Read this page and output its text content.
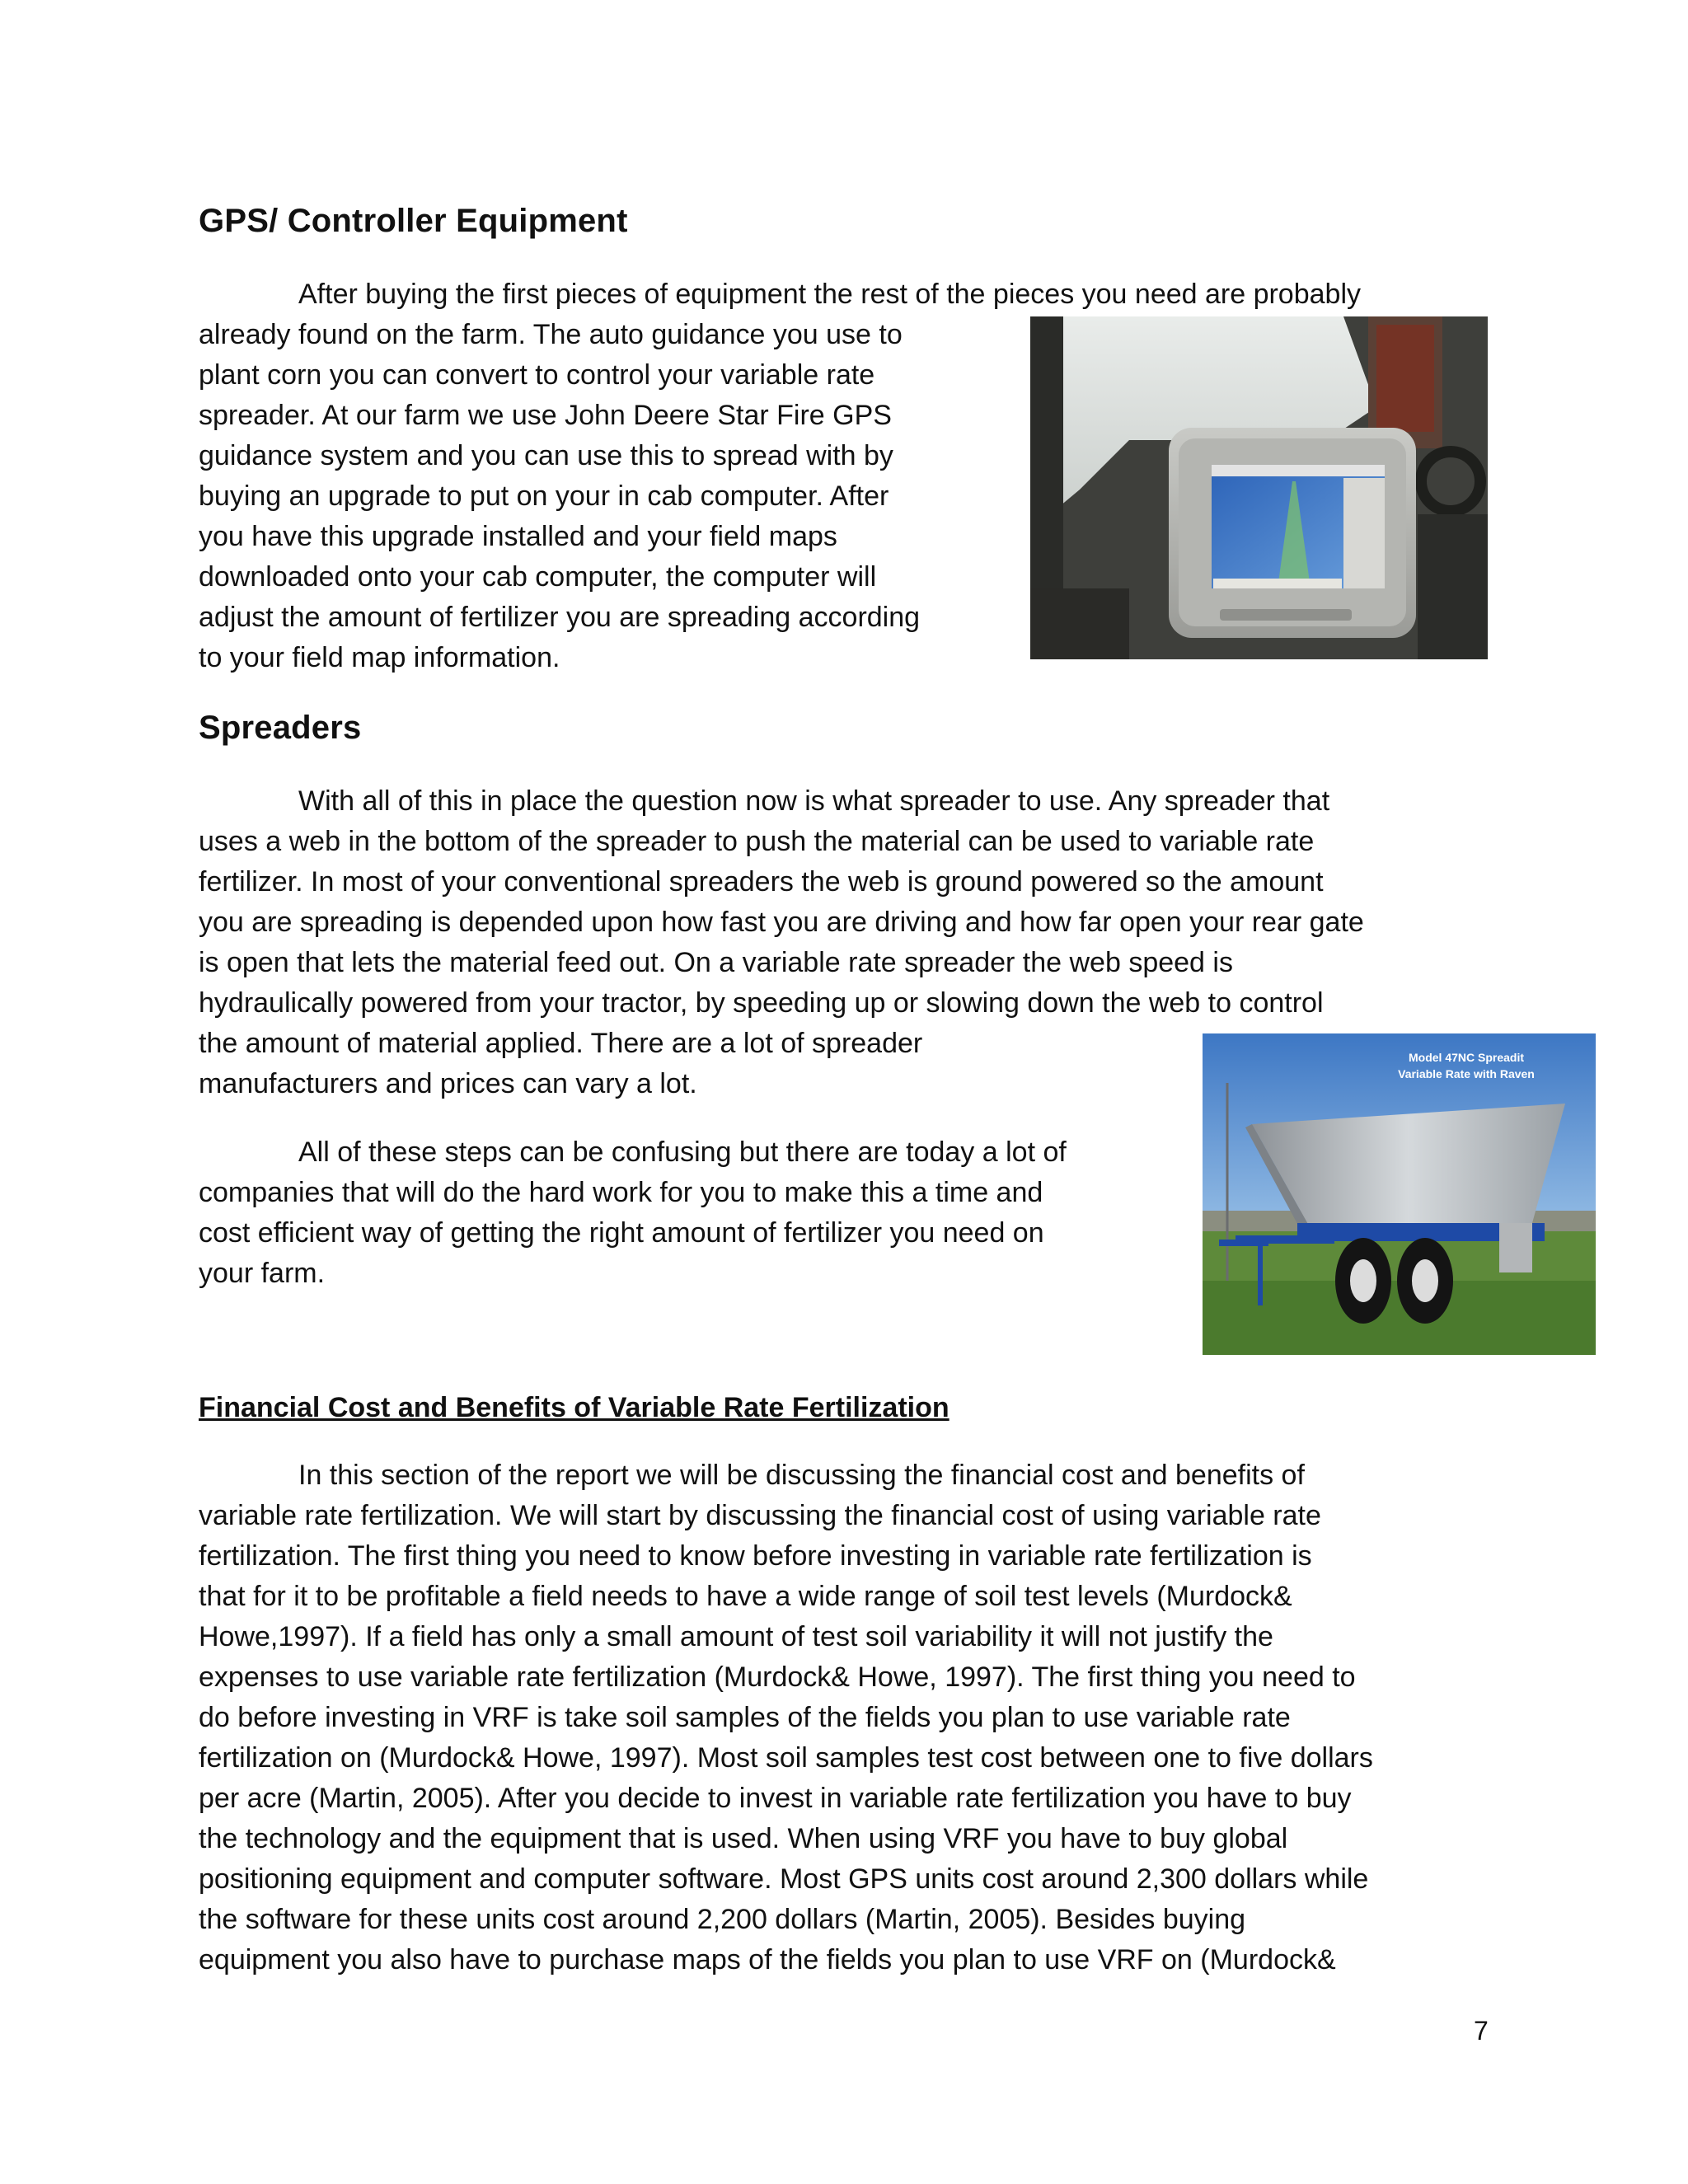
GPS/ Controller Equipment
After buying the first pieces of equipment the rest of the pieces you need are probably
already found on the farm. The auto guidance you use to
plant corn you can convert to control your variable rate
spreader. At our farm we use John Deere Star Fire GPS
guidance system and you can use this to spread with by
buying an upgrade to put on your in cab computer. After
you have this upgrade installed and your field maps
downloaded onto your cab computer, the computer will
adjust the amount of fertilizer you are spreading according
to your field map information.
Spreaders
With all of this in place the question now is what spreader to use. Any spreader that
uses a web in the bottom of the spreader to push the material can be used to variable rate
fertilizer. In most of your conventional spreaders the web is ground powered so the amount
you are spreading is depended upon how fast you are driving and how far open your rear gate
is open that lets the material feed out. On a variable rate spreader the web speed is
hydraulically powered from your tractor, by speeding up or slowing down the web to control
the amount of material applied. There are a lot of spreader
manufacturers and prices can vary a lot.
All of these steps can be confusing but there are today a lot of
companies that will do the hard work for you to make this a time and
cost efficient way of getting the right amount of fertilizer you need on
your farm.
Model 47NC Spreadit
Variable Rate with Raven
Financial Cost and Benefits of Variable Rate Fertilization
In this section of the report we will be discussing the financial cost and benefits of
variable rate fertilization. We will start by discussing the financial cost of using variable rate
fertilization. The first thing you need to know before investing in variable rate fertilization is
that for it to be profitable a field needs to have a wide range of soil test levels (Murdock&
Howe,1997). If a field has only a small amount of test soil variability it will not justify the
expenses to use variable rate fertilization (Murdock& Howe, 1997). The first thing you need to
do before investing in VRF is take soil samples of the fields you plan to use variable rate
fertilization on (Murdock& Howe, 1997). Most soil samples test cost between one to five dollars
per acre (Martin, 2005). After you decide to invest in variable rate fertilization you have to buy
the technology and the equipment that is used. When using VRF you have to buy global
positioning equipment and computer software. Most GPS units cost around 2,300 dollars while
the software for these units cost around 2,200 dollars (Martin, 2005). Besides buying
equipment you also have to purchase maps of the fields you plan to use VRF on (Murdock&
7
